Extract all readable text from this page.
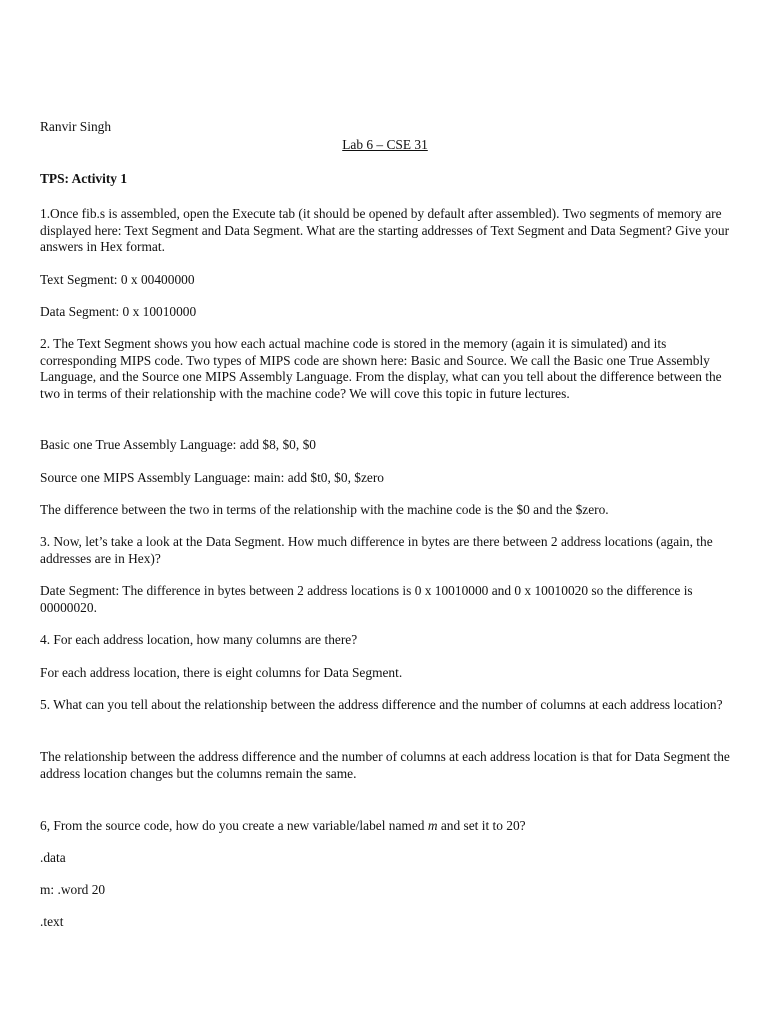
Ranvir Singh
Lab 6 – CSE 31
TPS: Activity 1
1.Once fib.s is assembled, open the Execute tab (it should be opened by default after assembled). Two segments of memory are displayed here: Text Segment and Data Segment. What are the starting addresses of Text Segment and Data Segment? Give your answers in Hex format.
Text Segment: 0 x 00400000
Data Segment: 0 x 10010000
2. The Text Segment shows you how each actual machine code is stored in the memory (again it is simulated) and its corresponding MIPS code. Two types of MIPS code are shown here: Basic and Source. We call the Basic one True Assembly Language, and the Source one MIPS Assembly Language. From the display, what can you tell about the difference between the two in terms of their relationship with the machine code? We will cove this topic in future lectures.
Basic one True Assembly Language: add $8, $0, $0
Source one MIPS Assembly Language: main: add $t0, $0, $zero
The difference between the two in terms of the relationship with the machine code is the $0 and the $zero.
3. Now, let’s take a look at the Data Segment. How much difference in bytes are there between 2 address locations (again, the addresses are in Hex)?
Date Segment: The difference in bytes between 2 address locations is 0 x 10010000 and 0 x 10010020 so the difference is 00000020.
4. For each address location, how many columns are there?
For each address location, there is eight columns for Data Segment.
5. What can you tell about the relationship between the address difference and the number of columns at each address location?
The relationship between the address difference and the number of columns at each address location is that for Data Segment the address location changes but the columns remain the same.
6, From the source code, how do you create a new variable/label named m and set it to 20?
.data
m: .word 20
.text
